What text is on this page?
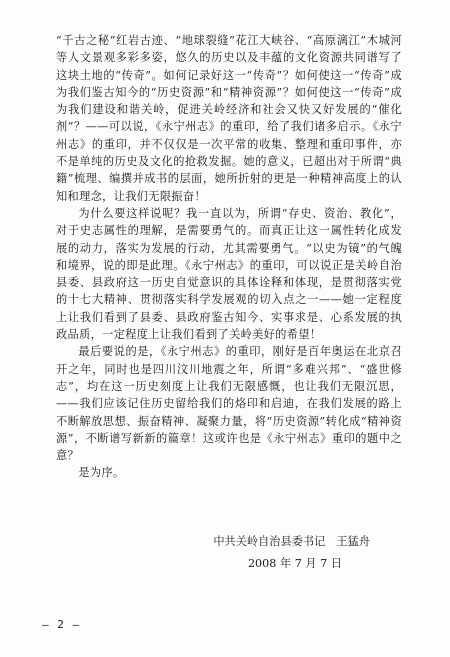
“千古之秘”红岩古迹、“地球裂缝”花江大峡谷、“高原漓江”木城河等人文景观多彩多姿，悠久的历史以及丰蕴的文化资源共同谱写了这块土地的“传奇”。如何记录好这一“传奇”？如何使这一“传奇”成为我们鉴古知今的“历史资源”和“精神资源”？如何使这一“传奇”成为我们建设和谐关岭，促进关岭经济和社会又快又好发展的“催化剂”？——可以说，《永宁州志》的重印，给了我们诸多启示。《永宁州志》的重印，并不仅仅是一次平常的收集、整理和重印事件，亦不是单纯的历史及文化的抢救发掘。她的意义，已超出对于所谓“典籍”梳理、编撰并成书的层面，她所折射的更是一种精神高度上的认知和理念，让我们无限振奋！

为什么要这样说呢？我一直以为，所谓“存史、资治、教化”，对于史志属性的理解，是需要勇气的。而真正让这一属性转化成发展的动力，落实为发展的行动，尤其需要勇气。“以史为镜”的气魄和境界，说的即是此理。《永宁州志》的重印，可以说正是关岭自治县委、县政府这一历史自觉意识的具体诠释和体现，是贯彻落实党的十七大精神、贯彻落实科学发展观的切入点之一——她一定程度上让我们看到了县委、县政府鉴古知今、实事求是、心系发展的执政品质，一定程度上让我们看到了关岭美好的希望！

最后要说的是，《永宁州志》的重印，刚好是百年奥运在北京召开之年，同时也是四川汶川地震之年，所谓“多难兴邦”、“盛世修志”，均在这一历史刻度上让我们无限感慨，也让我们无限沉思，——我们应该记住历史留给我们的烙印和启迪，在我们发展的路上不断解放思想、振奋精神、凝聚力量，将“历史资源”转化成“精神资源”，不断谱写新新的篇章！这或许也是《永宁州志》重印的题中之意？

是为序。

中共关岭自治县委书记　王猛舟
2008 年 7 月 7 日
— 2 —
